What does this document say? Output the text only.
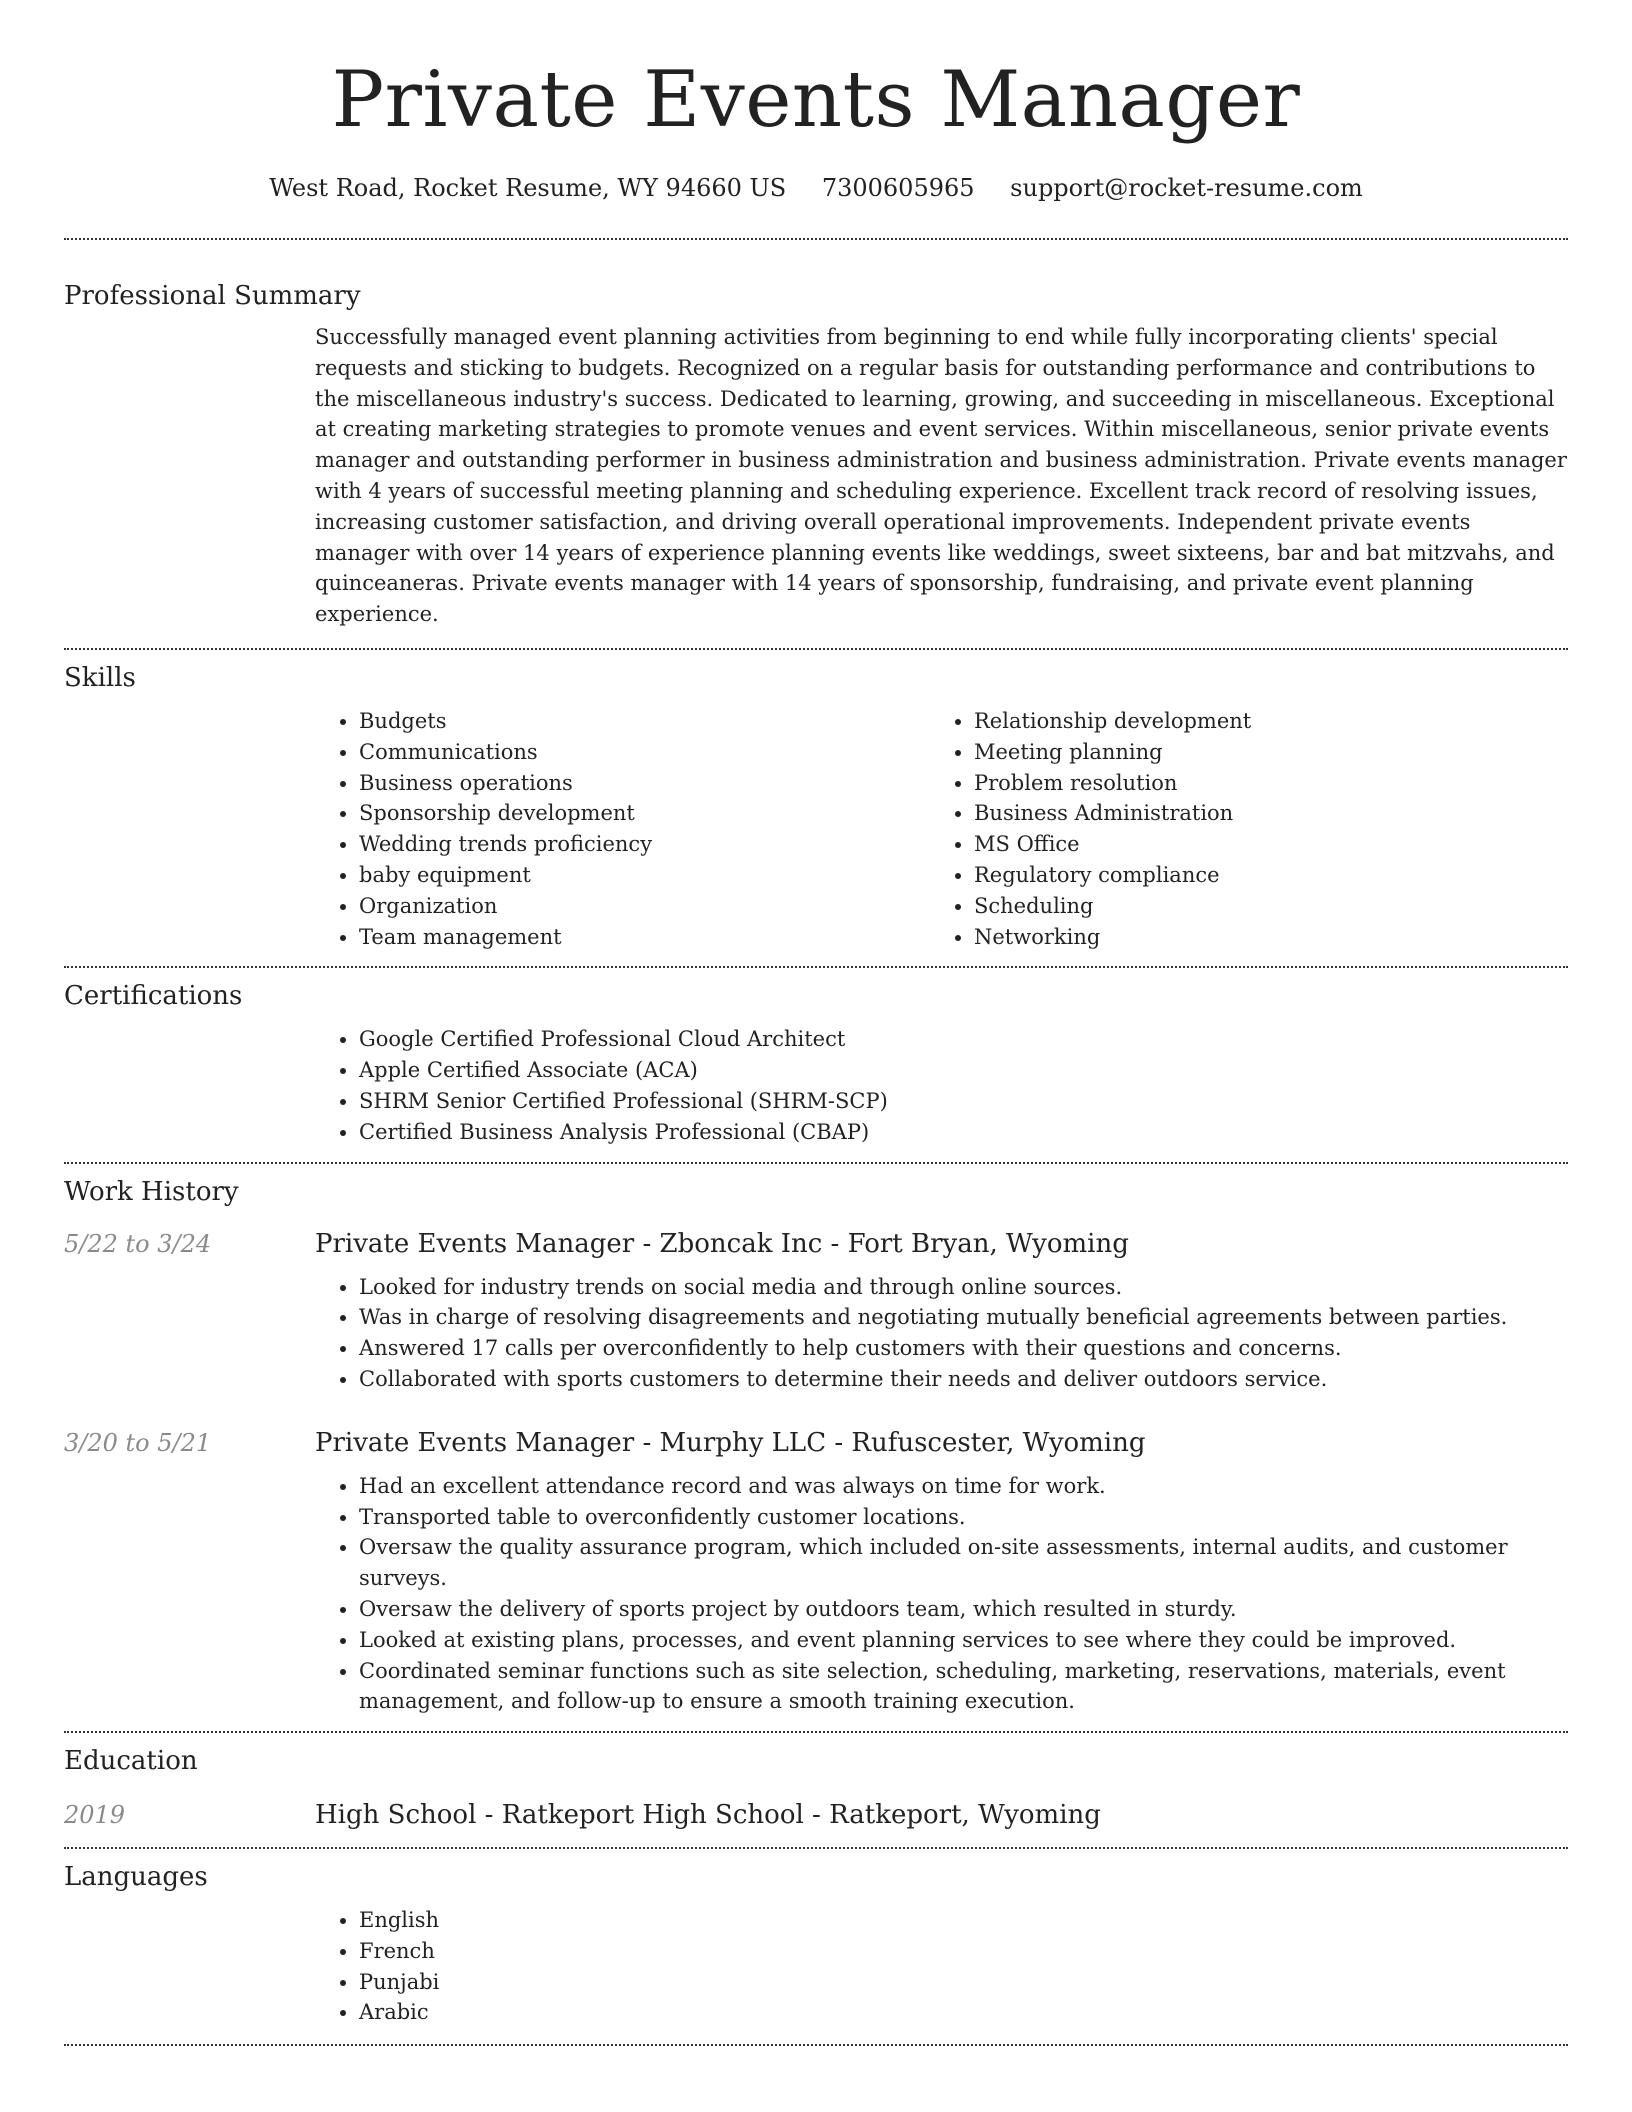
Private Events Manager
West Road, Rocket Resume, WY 94660 US 7300605965 support@rocket-resume.com
Professional Summary

Successfully managed event planning activities from beginning to end while fully incorporating clients' special requests and sticking to budgets. Recognized on a regular basis for outstanding performance and contributions to the miscellaneous industry's success. Dedicated to learning, growing, and succeeding in miscellaneous. Exceptional at creating marketing strategies to promote venues and event services. Within miscellaneous, senior private events manager and outstanding performer in business administration and business administration. Private events manager with 4 years of successful meeting planning and scheduling experience. Excellent track record of resolving issues, increasing customer satisfaction, and driving overall operational improvements. Independent private events manager with over 14 years of experience planning events like weddings, sweet sixteens, bar and bat mitzvahs, and quinceaneras. Private events manager with 14 years of sponsorship, fundraising, and private event planning experience.

Skills
• Budgets
• Communications
• Business operations
• Sponsorship development
• Wedding trends proficiency
• baby equipment
• Organization
• Team management
• Relationship development
• Meeting planning
• Problem resolution
• Business Administration
• MS Office
• Regulatory compliance
• Scheduling
• Networking
Certifications
• Google Certified Professional Cloud Architect
• Apple Certified Associate (ACA)
• SHRM Senior Certified Professional (SHRM-SCP)
• Certified Business Analysis Professional (CBAP)
Work History
5/22 to 3/24	Private Events Manager - Zboncak Inc - Fort Bryan, Wyoming
• Looked for industry trends on social media and through online sources.
• Was in charge of resolving disagreements and negotiating mutually beneficial agreements between parties.
• Answered 17 calls per overconfidently to help customers with their questions and concerns.
• Collaborated with sports customers to determine their needs and deliver outdoors service.
3/20 to 5/21	Private Events Manager - Murphy LLC - Rufuscester, Wyoming
• Had an excellent attendance record and was always on time for work.
• Transported table to overconfidently customer locations.
• Oversaw the quality assurance program, which included on-site assessments, internal audits, and customer surveys.
• Oversaw the delivery of sports project by outdoors team, which resulted in sturdy.
• Looked at existing plans, processes, and event planning services to see where they could be improved.
• Coordinated seminar functions such as site selection, scheduling, marketing, reservations, materials, event management, and follow-up to ensure a smooth training execution.
Education
2019	High School - Ratkeport High School - Ratkeport, Wyoming
Languages
• English
• French
• Punjabi
• Arabic
